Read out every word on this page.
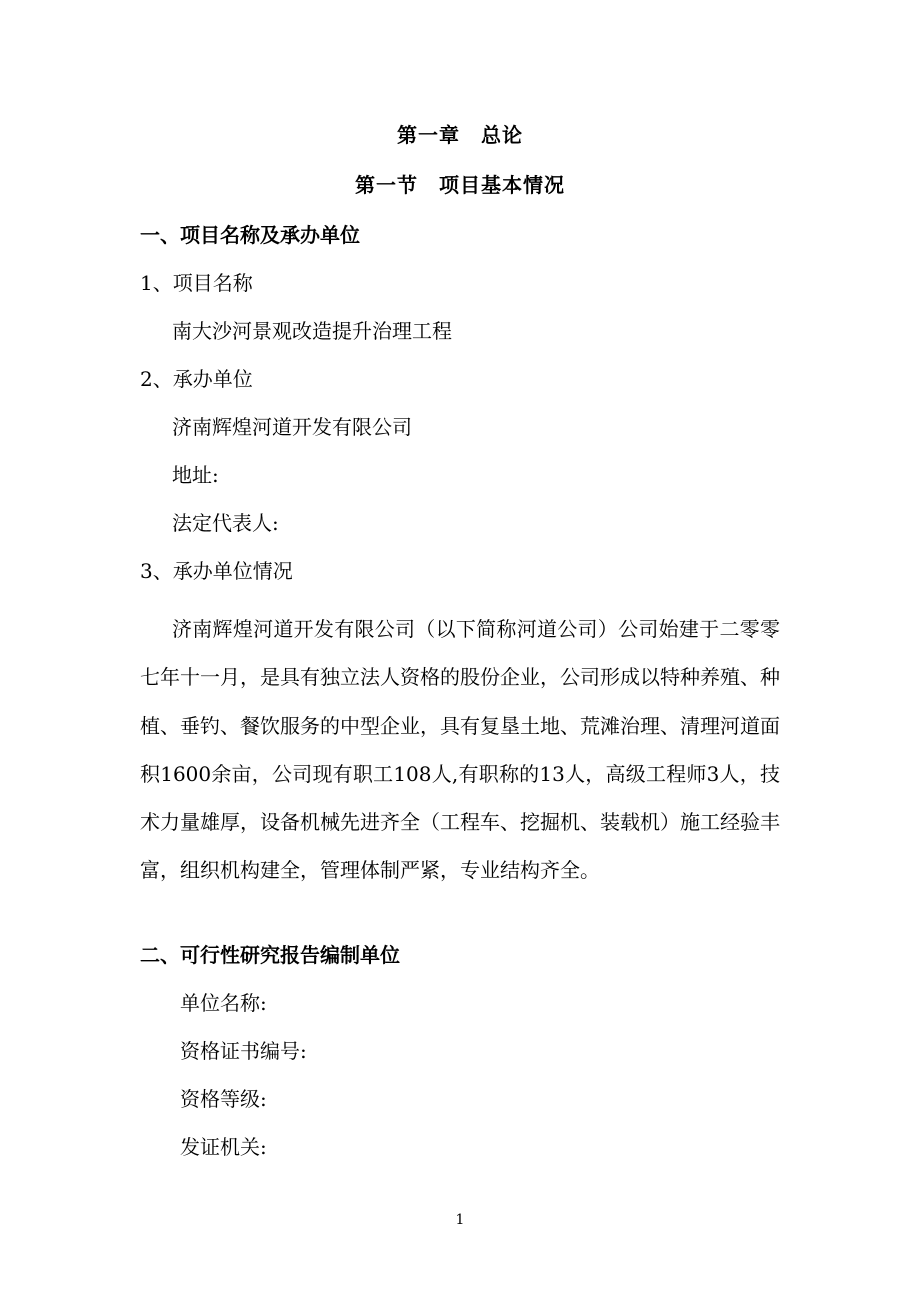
第一章　总论
第一节　项目基本情况
一、项目名称及承办单位
1、项目名称
南大沙河景观改造提升治理工程
2、承办单位
济南辉煌河道开发有限公司
地址:
法定代表人:
3、承办单位情况
济南辉煌河道开发有限公司（以下简称河道公司）公司始建于二零零七年十一月，是具有独立法人资格的股份企业，公司形成以特种养殖、种植、垂钓、餐饮服务的中型企业，具有复垦土地、荒滩治理、清理河道面积1600余亩，公司现有职工108人,有职称的13人，高级工程师3人，技术力量雄厚，设备机械先进齐全（工程车、挖掘机、装载机）施工经验丰富，组织机构建全，管理体制严紧，专业结构齐全。
二、可行性研究报告编制单位
单位名称:
资格证书编号:
资格等级:
发证机关:
1
